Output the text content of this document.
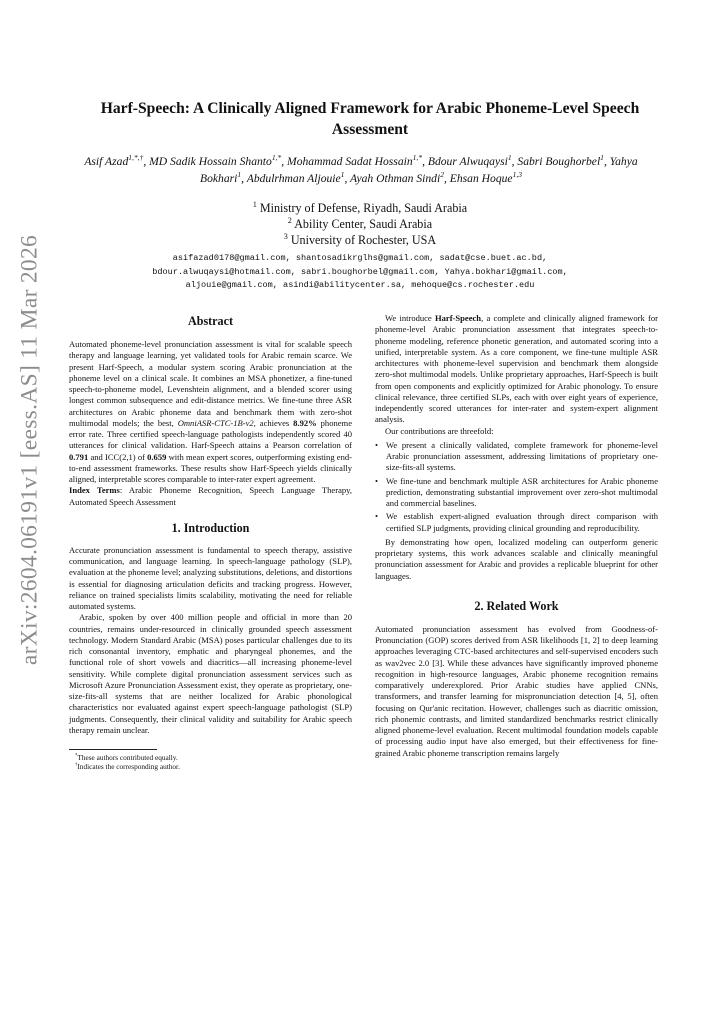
arXiv:2604.06191v1 [eess.AS] 11 Mar 2026
Harf-Speech: A Clinically Aligned Framework for Arabic Phoneme-Level Speech Assessment
Asif Azad$^{1,*,\dagger}$, MD Sadik Hossain Shanto$^{1,*}$, Mohammad Sadat Hossain$^{1,*}$, Bdour Alwuqaysi$^1$, Sabri Boughorbel$^1$, Yahya Bokhari$^1$, Abdulrhman Aljouie$^1$, Ayah Othman Sindi$^2$, Ehsan Hoque$^{1,3}$
$^1$ Ministry of Defense, Riyadh, Saudi Arabia
$^2$ Ability Center, Saudi Arabia
$^3$ University of Rochester, USA
asifazad0178@gmail.com, shantosadikrglhs@gmail.com, sadat@cse.buet.ac.bd,
bdour.alwuqaysi@hotmail.com, sabri.boughorbel@gmail.com, Yahya.bokhari@gmail.com,
aljouie@gmail.com, asindi@abilitycenter.sa, mehoque@cs.rochester.edu
Abstract

Automated phoneme-level pronunciation assessment is vital for scalable speech therapy and language learning, yet validated tools for Arabic remain scarce. We present Harf-Speech, a modular system scoring Arabic pronunciation at the phoneme level on a clinical scale. It combines an MSA phonetizer, a fine-tuned speech-to-phoneme model, Levenshtein alignment, and a blended scorer using longest common subsequence and edit-distance metrics. We fine-tune three ASR architectures on Arabic phoneme data and benchmark them with zero-shot multimodal models; the best, OmniASR-CTC-1B-v2, achieves 8.92% phoneme error rate. Three certified speech-language pathologists independently scored 40 utterances for clinical validation. Harf-Speech attains a Pearson correlation of 0.791 and ICC(2,1) of 0.659 with mean expert scores, outperforming existing end-to-end assessment frameworks. These results show Harf-Speech yields clinically aligned, interpretable scores comparable to inter-rater expert agreement.

Index Terms: Arabic Phoneme Recognition, Speech Language Therapy, Automated Speech Assessment

1. Introduction

Accurate pronunciation assessment is fundamental to speech therapy, assistive communication, and language learning. In speech-language pathology (SLP), evaluation at the phoneme level; analyzing substitutions, deletions, and distortions is essential for diagnosing articulation deficits and tracking progress. However, reliance on trained specialists limits scalability, motivating the need for reliable automated systems.

Arabic, spoken by over 400 million people and official in more than 20 countries, remains under-resourced in clinically grounded speech assessment technology. Modern Standard Arabic (MSA) poses particular challenges due to its rich consonantal inventory, emphatic and pharyngeal phonemes, and the functional role of short vowels and diacritics—all increasing phoneme-level sensitivity. While complete digital pronunciation assessment services such as Microsoft Azure Pronunciation Assessment exist, they operate as proprietary, one-size-fits-all systems that are neither localized for Arabic phonological characteristics nor evaluated against expert speech-language pathologist (SLP) judgments. Consequently, their clinical validity and suitability for Arabic speech therapy remain unclear.

*These authors contributed equally.
†Indicates the corresponding author.

We introduce Harf-Speech, a complete and clinically aligned framework for phoneme-level Arabic pronunciation assessment that integrates speech-to-phoneme modeling, reference phonetic generation, and automated scoring into a unified, interpretable system. As a core component, we fine-tune multiple ASR architectures with phoneme-level supervision and benchmark them alongside zero-shot multimodal models. Unlike proprietary approaches, Harf-Speech is built from open components and explicitly optimized for Arabic phonology. To ensure clinical relevance, three certified SLPs, each with over eight years of experience, independently scored utterances for inter-rater and system-expert alignment analysis.

Our contributions are threefold:

• We present a clinically validated, complete framework for phoneme-level Arabic pronunciation assessment, addressing limitations of proprietary one-size-fits-all systems.
• We fine-tune and benchmark multiple ASR architectures for Arabic phoneme prediction, demonstrating substantial improvement over zero-shot multimodal and commercial baselines.
• We establish expert-aligned evaluation through direct comparison with certified SLP judgments, providing clinical grounding and reproducibility.

By demonstrating how open, localized modeling can outperform generic proprietary systems, this work advances scalable and clinically meaningful pronunciation assessment for Arabic and provides a replicable blueprint for other languages.

2. Related Work

Automated pronunciation assessment has evolved from Goodness-of-Pronunciation (GOP) scores derived from ASR likelihoods [1, 2] to deep learning approaches leveraging CTC-based architectures and self-supervised encoders such as wav2vec 2.0 [3]. While these advances have significantly improved phoneme recognition in high-resource languages, Arabic phoneme recognition remains comparatively underexplored. Prior Arabic studies have applied CNNs, transformers, and transfer learning for mispronunciation detection [4, 5], often focusing on Qur'anic recitation. However, challenges such as diacritic omission, rich phonemic contrasts, and limited standardized benchmarks restrict clinically aligned phoneme-level evaluation. Recent multimodal foundation models capable of processing audio input have also emerged, but their effectiveness for fine-grained Arabic phoneme transcription remains largely
